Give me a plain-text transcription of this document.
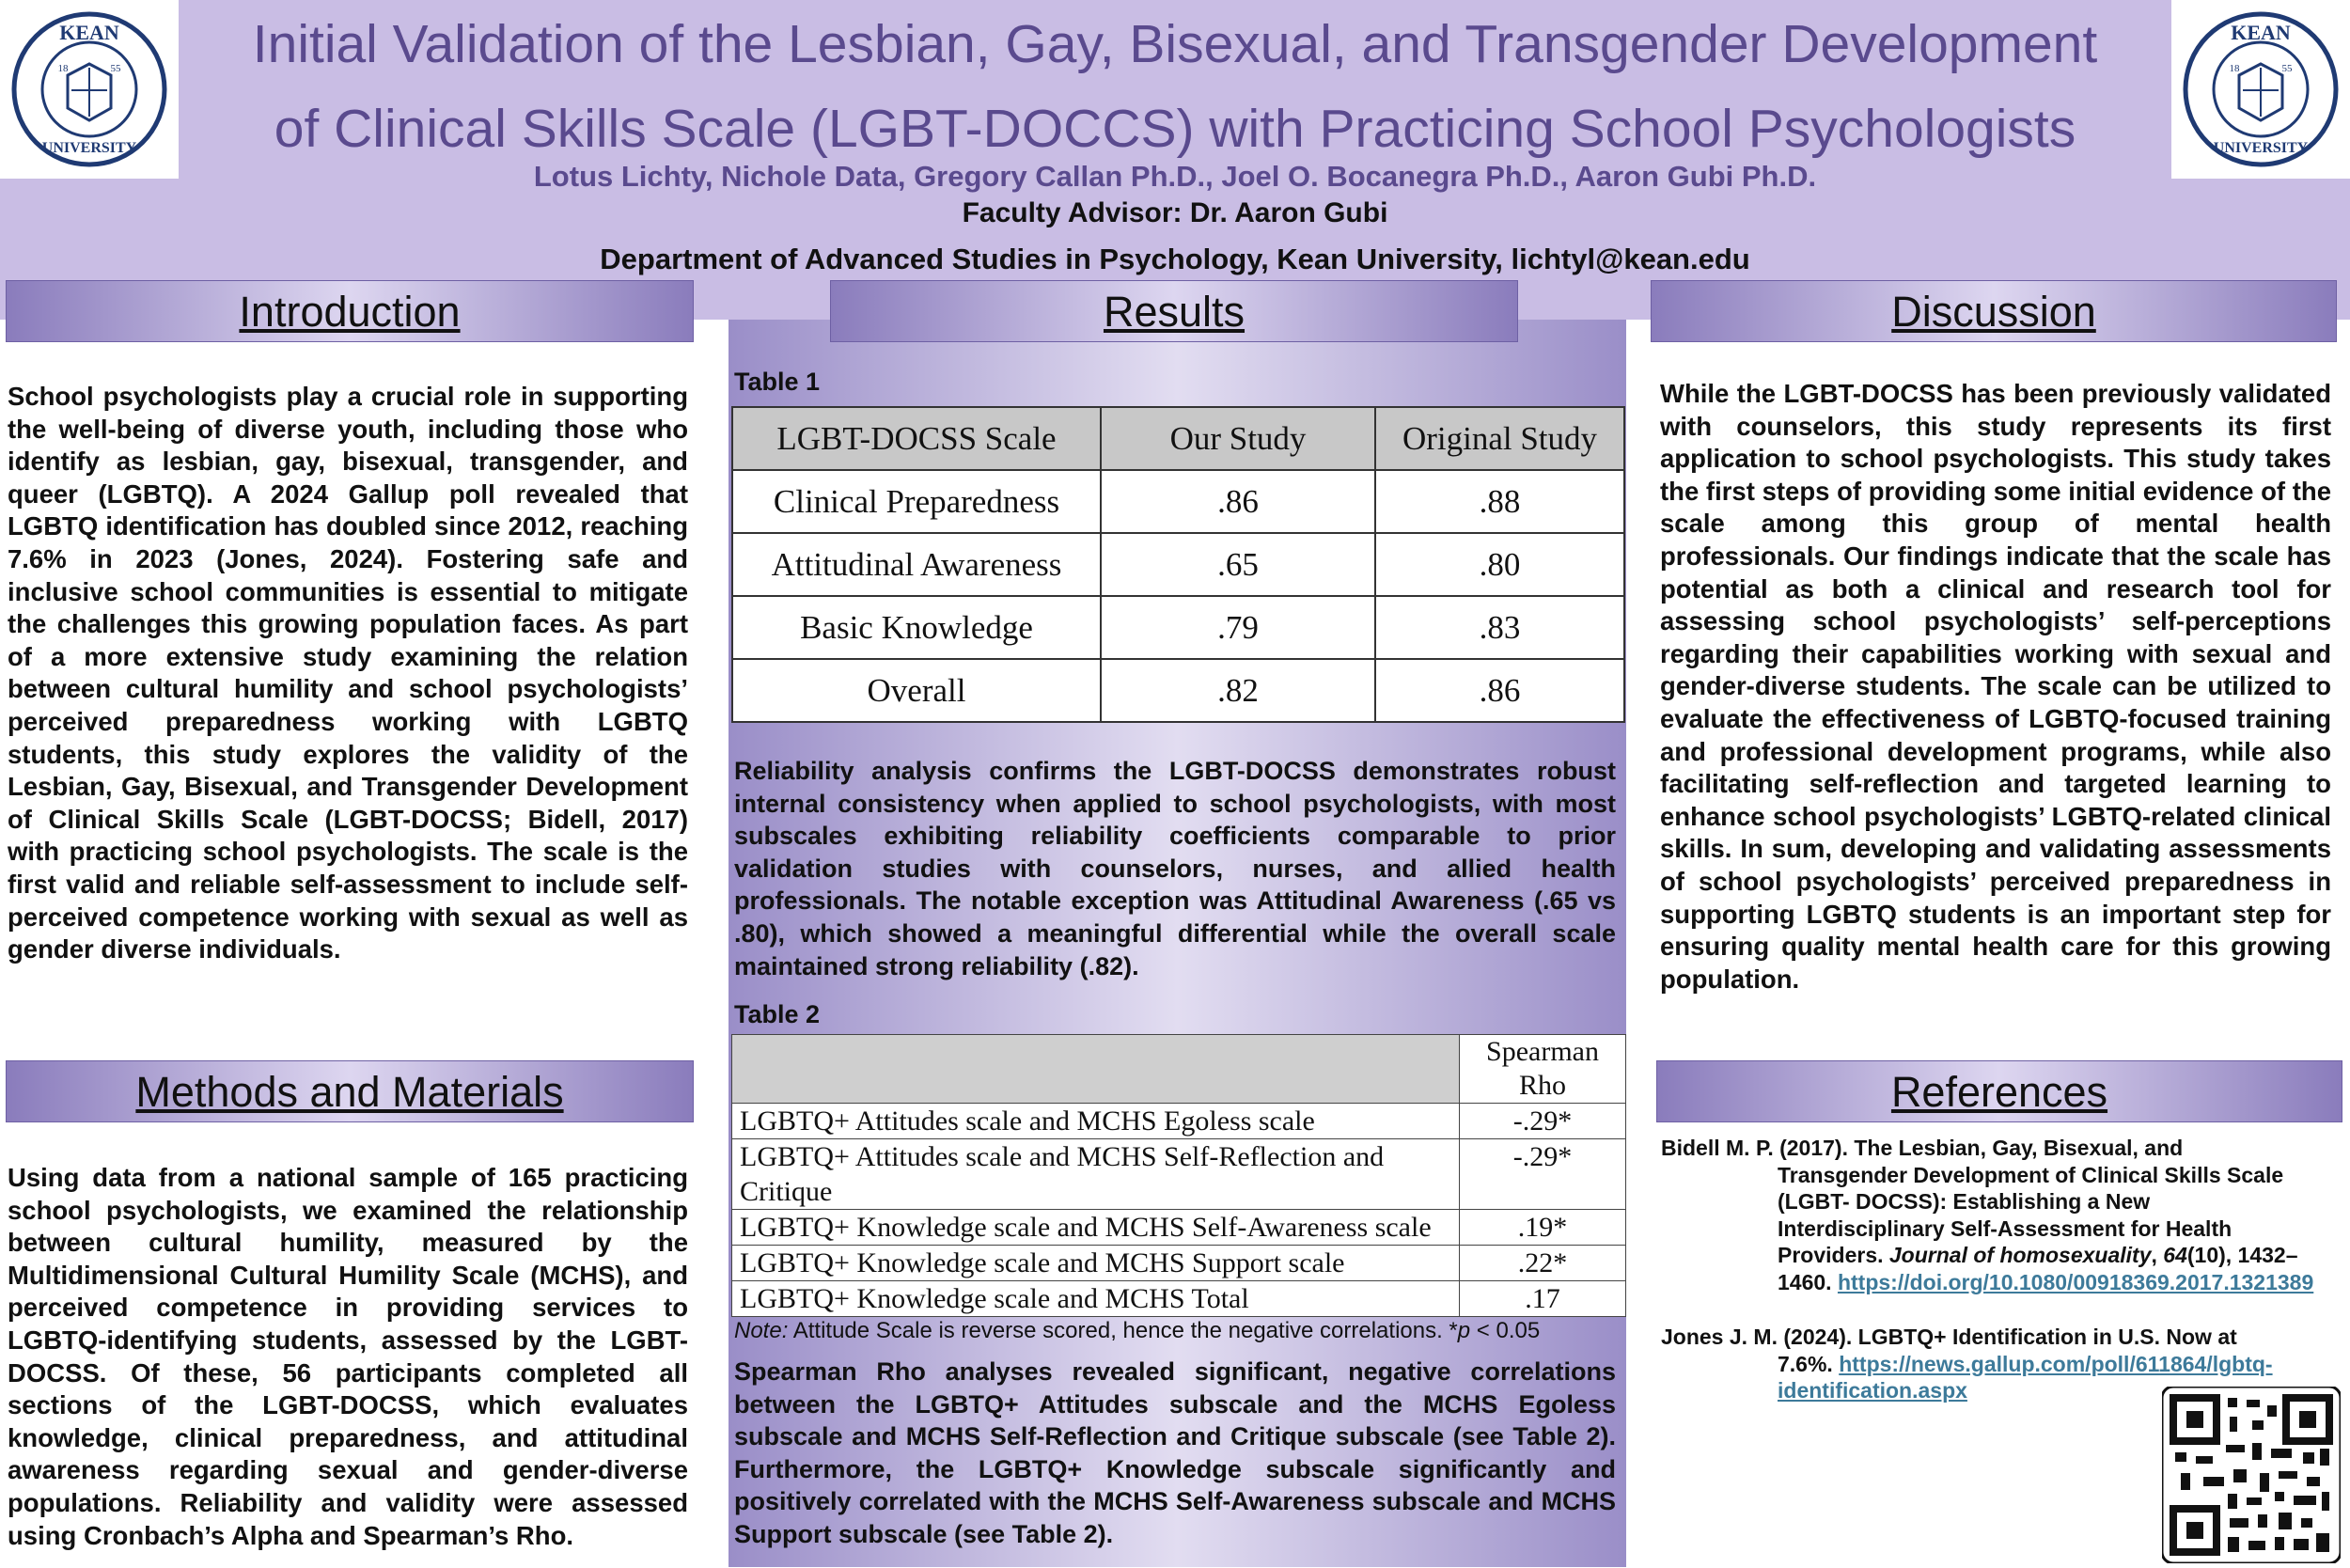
KEAN
UNIVERSITY
18	55
KEAN
UNIVERSITY
18	55
Initial Validation of the Lesbian, Gay, Bisexual, and Transgender Development
of Clinical Skills Scale (LGBT-DOCCS) with Practicing School Psychologists

Lotus Lichty, Nichole Data, Gregory Callan Ph.D., Joel O. Bocanegra Ph.D., Aaron Gubi Ph.D.

Faculty Advisor: Dr. Aaron Gubi

Department of Advanced Studies in Psychology, Kean University, lichtyl@kean.edu

Introduction
School psychologists play a crucial role in supporting the well-being of diverse youth, including those who identify as lesbian, gay, bisexual, transgender, and queer (LGBTQ). A 2024 Gallup poll revealed that LGBTQ identification has doubled since 2012, reaching 7.6% in 2023 (Jones, 2024). Fostering safe and inclusive school communities is essential to mitigate the challenges this growing population faces. As part of a more extensive study examining the relation between cultural humility and school psychologists’ perceived preparedness working with LGBTQ students, this study explores the validity of the Lesbian, Gay, Bisexual, and Transgender Development of Clinical Skills Scale (LGBT-DOCSS; Bidell, 2017) with practicing school psychologists. The scale is the first valid and reliable self-assessment to include self-perceived competence working with sexual as well as gender diverse individuals.
Methods and Materials
Using data from a national sample of 165 practicing school psychologists, we examined the relationship between cultural humility, measured by the Multidimensional Cultural Humility Scale (MCHS), and perceived competence in providing services to LGBTQ-identifying students, assessed by the LGBT-DOCSS. Of these, 56 participants completed all sections of the LGBT-DOCSS, which evaluates knowledge, clinical preparedness, and attitudinal awareness regarding sexual and gender-diverse populations. Reliability and validity were assessed using Cronbach’s Alpha and Spearman’s Rho.
Results
Table 1
LGBT-DOCSS Scale	Our Study	Original Study
Clinical Preparedness	.86	.88
Attitudinal Awareness	.65	.80
Basic Knowledge	.79	.83
Overall	.82	.86
Reliability analysis confirms the LGBT-DOCSS demonstrates robust internal consistency when applied to school psychologists, with most subscales exhibiting reliability coefficients comparable to prior validation studies with counselors, nurses, and allied health professionals. The notable exception was Attitudinal Awareness (.65 vs .80), which showed a meaningful differential while the overall scale maintained strong reliability (.82).
Table 2
	Spearman Rho
LGBTQ+ Attitudes scale and MCHS Egoless scale	-.29*
LGBTQ+ Attitudes scale and MCHS Self-Reflection and Critique	-.29*
LGBTQ+ Knowledge scale and MCHS Self-Awareness scale	.19*
LGBTQ+ Knowledge scale and MCHS Support scale	.22*
LGBTQ+ Knowledge scale and MCHS Total	.17
Note: Attitude Scale is reverse scored, hence the negative correlations. *p < 0.05
Spearman Rho analyses revealed significant, negative correlations between the LGBTQ+ Attitudes subscale and the MCHS Egoless subscale and MCHS Self-Reflection and Critique subscale (see Table 2). Furthermore, the LGBTQ+ Knowledge subscale significantly and positively correlated with the MCHS Self-Awareness subscale and MCHS Support subscale (see Table 2).
Discussion
While the LGBT-DOCSS has been previously validated with counselors, this study represents its first application to school psychologists. This study takes the first steps of providing some initial evidence of the scale among this group of mental health professionals. Our findings indicate that the scale has potential as both a clinical and research tool for assessing school psychologists’ self-perceptions regarding their capabilities working with sexual and gender-diverse students. The scale can be utilized to evaluate the effectiveness of LGBTQ-focused training and professional development programs, while also facilitating self-reflection and targeted learning to enhance school psychologists’ LGBTQ-related clinical skills. In sum, developing and validating assessments of school psychologists’ perceived preparedness in supporting LGBTQ students is an important step for ensuring quality mental health care for this growing population.
References
Bidell M. P. (2017). The Lesbian, Gay, Bisexual, and
Transgender Development of Clinical Skills Scale (LGBT- DOCSS): Establishing a New Interdisciplinary Self-Assessment for Health Providers. Journal of homosexuality, 64(10), 1432–1460. https://doi.org/10.1080/00918369.2017.1321389
Jones J. M. (2024). LGBTQ+ Identification in U.S. Now at
7.6%. https://news.gallup.com/poll/611864/lgbtq-identification.aspx
